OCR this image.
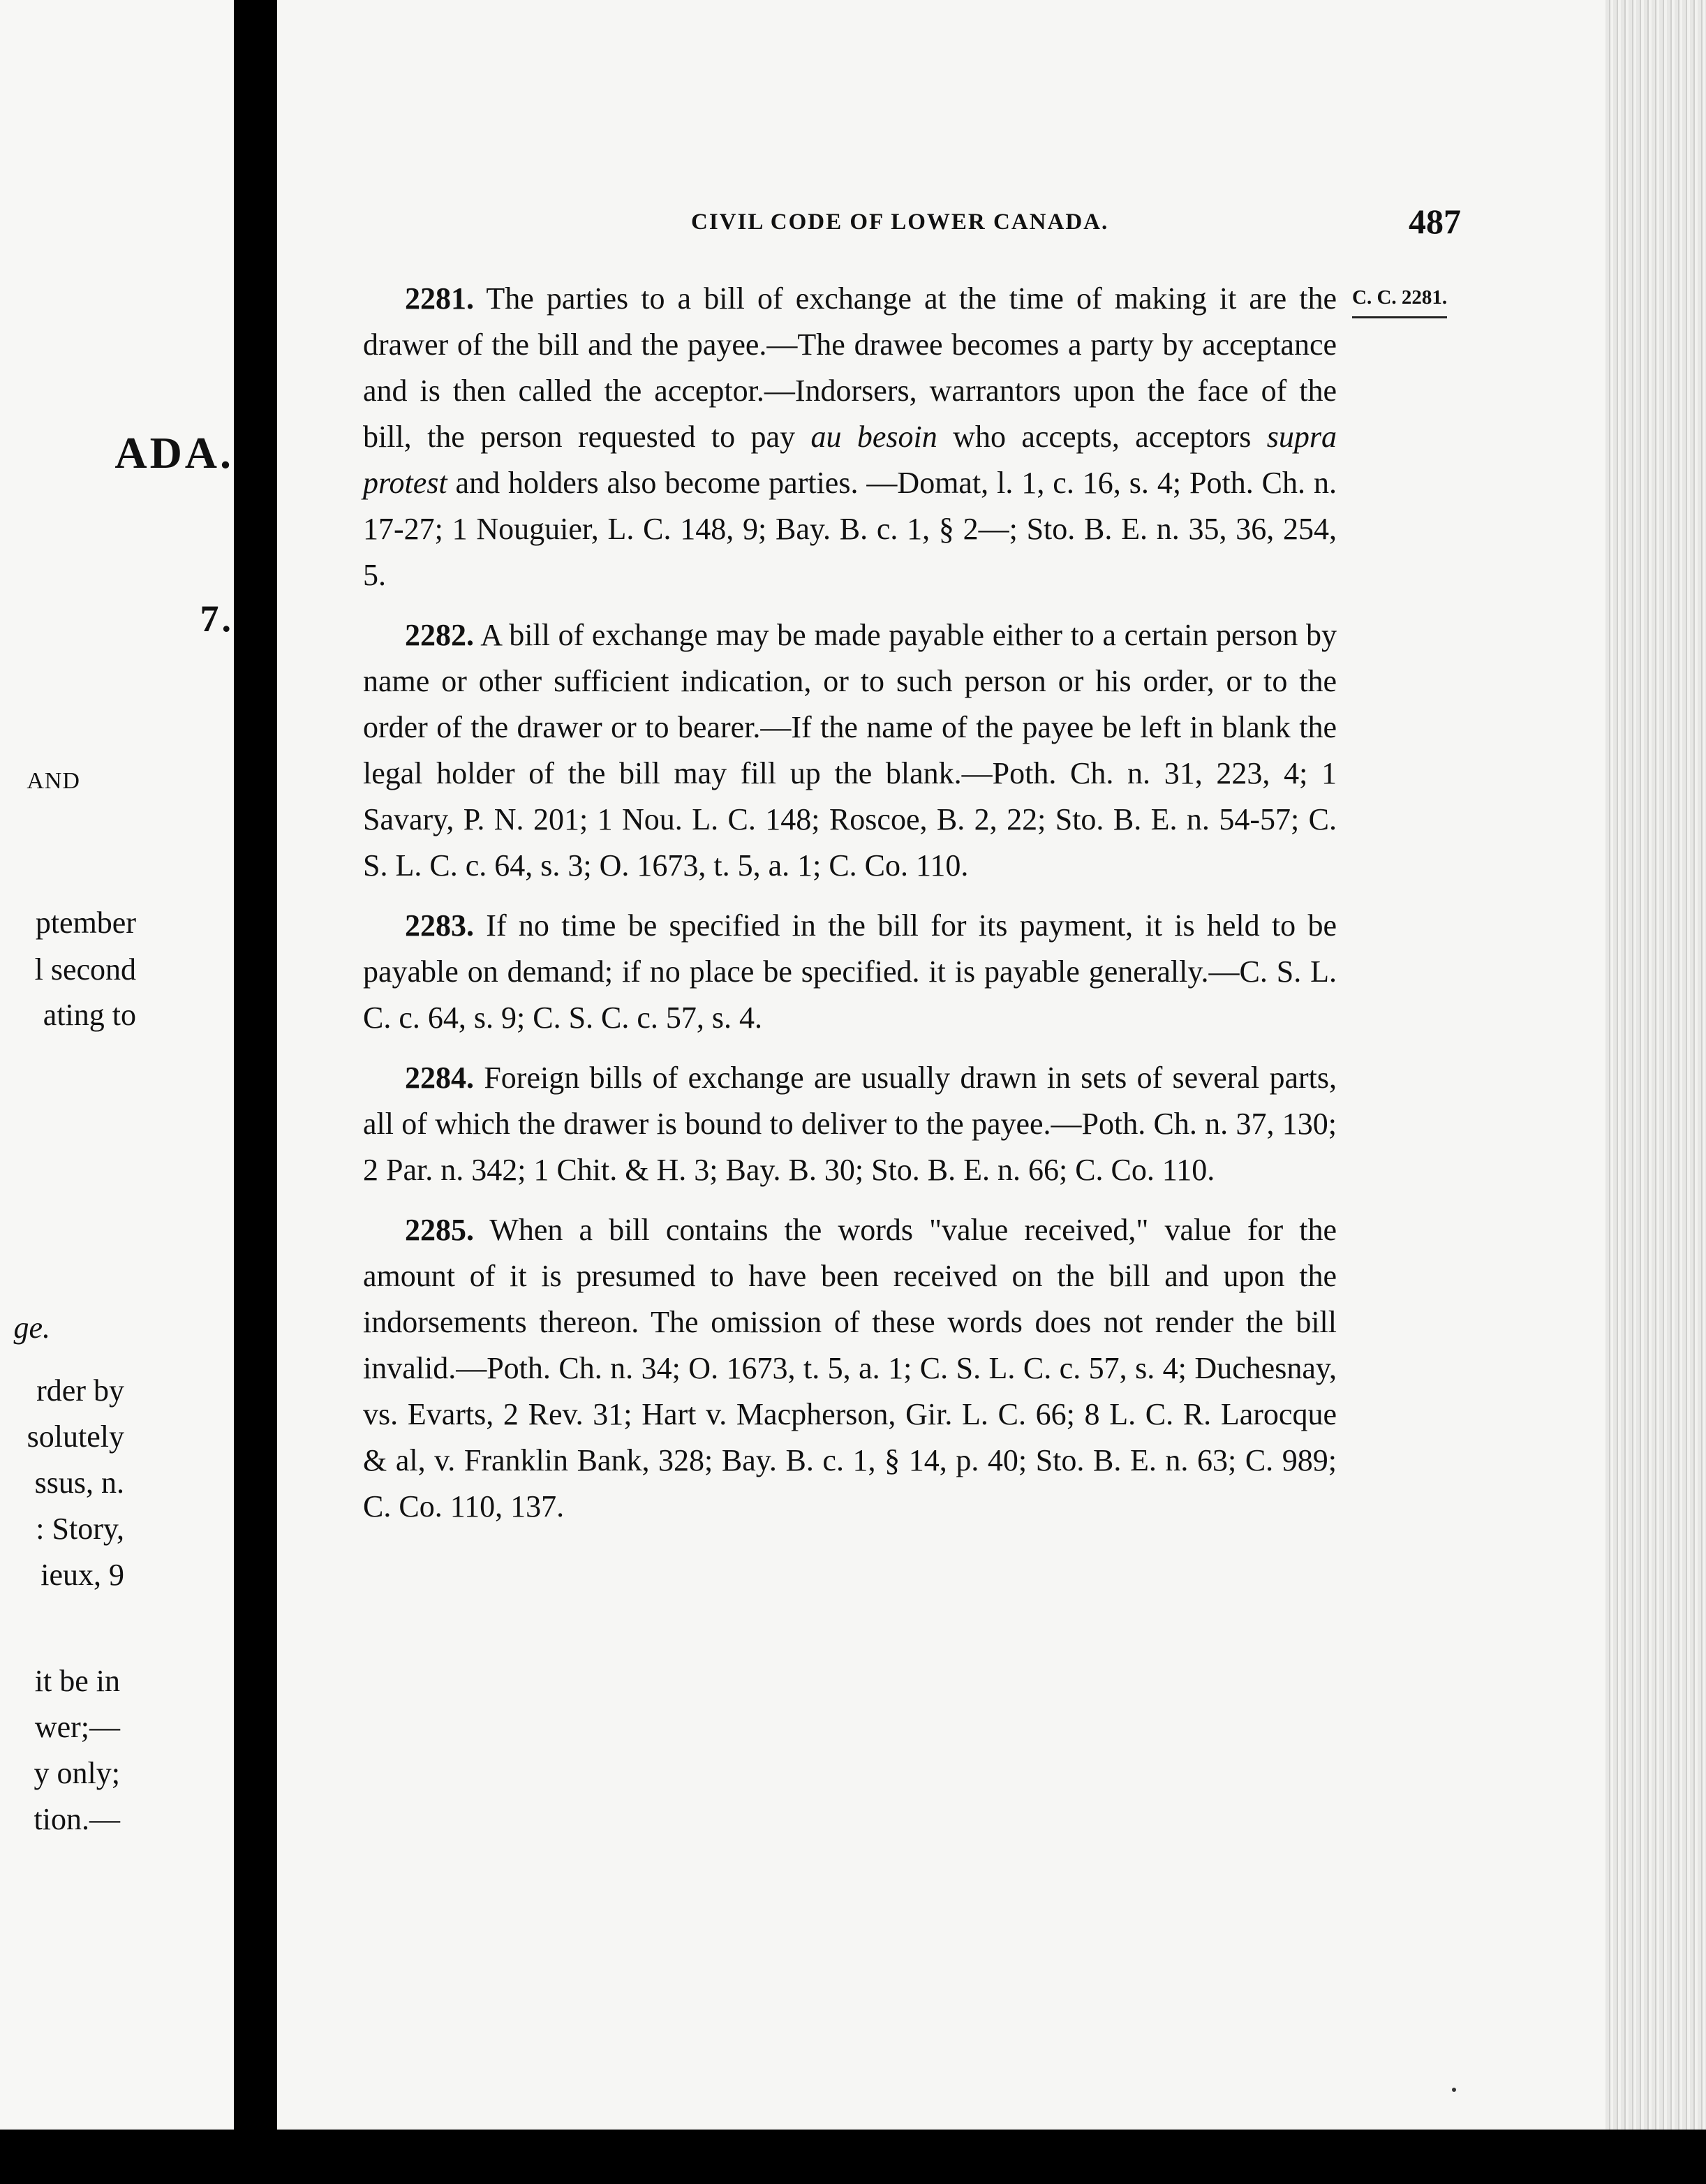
ADA.
7.
AND
ptember
l second
ating to
ge.
rder by
solutely
ssus, n.
: Story,
ieux, 9
it be in
wer;—
y only;
tion.—
CIVIL CODE OF LOWER CANADA.	487
C. C. 2281.

2281. The parties to a bill of exchange at the time of making it are the drawer of the bill and the payee.—The drawee becomes a party by acceptance and is then called the acceptor.—Indorsers, warrantors upon the face of the bill, the person requested to pay au besoin who accepts, acceptors supra protest and holders also become parties. —Domat, l. 1, c. 16, s. 4; Poth. Ch. n. 17-27; 1 Nouguier, L. C. 148, 9; Bay. B. c. 1, § 2—; Sto. B. E. n. 35, 36, 254, 5.

2282. A bill of exchange may be made payable either to a certain person by name or other sufficient indication, or to such person or his order, or to the order of the drawer or to bearer.—If the name of the payee be left in blank the legal holder of the bill may fill up the blank.—Poth. Ch. n. 31, 223, 4; 1 Savary, P. N. 201; 1 Nou. L. C. 148; Roscoe, B. 2, 22; Sto. B. E. n. 54-57; C. S. L. C. c. 64, s. 3; O. 1673, t. 5, a. 1; C. Co. 110.

2283. If no time be specified in the bill for its payment, it is held to be payable on demand; if no place be specified. it is payable generally.—C. S. L. C. c. 64, s. 9; C. S. C. c. 57, s. 4.

2284. Foreign bills of exchange are usually drawn in sets of several parts, all of which the drawer is bound to deliver to the payee.—Poth. Ch. n. 37, 130; 2 Par. n. 342; 1 Chit. & H. 3; Bay. B. 30; Sto. B. E. n. 66; C. Co. 110.

2285. When a bill contains the words "value received," value for the amount of it is presumed to have been received on the bill and upon the indorsements thereon. The omission of these words does not render the bill invalid.—Poth. Ch. n. 34; O. 1673, t. 5, a. 1; C. S. L. C. c. 57, s. 4; Duchesnay, vs. Evarts, 2 Rev. 31; Hart v. Macpherson, Gir. L. C. 66; 8 L. C. R. Larocque & al, v. Franklin Bank, 328; Bay. B. c. 1, § 14, p. 40; Sto. B. E. n. 63; C. 989; C. Co. 110, 137.
